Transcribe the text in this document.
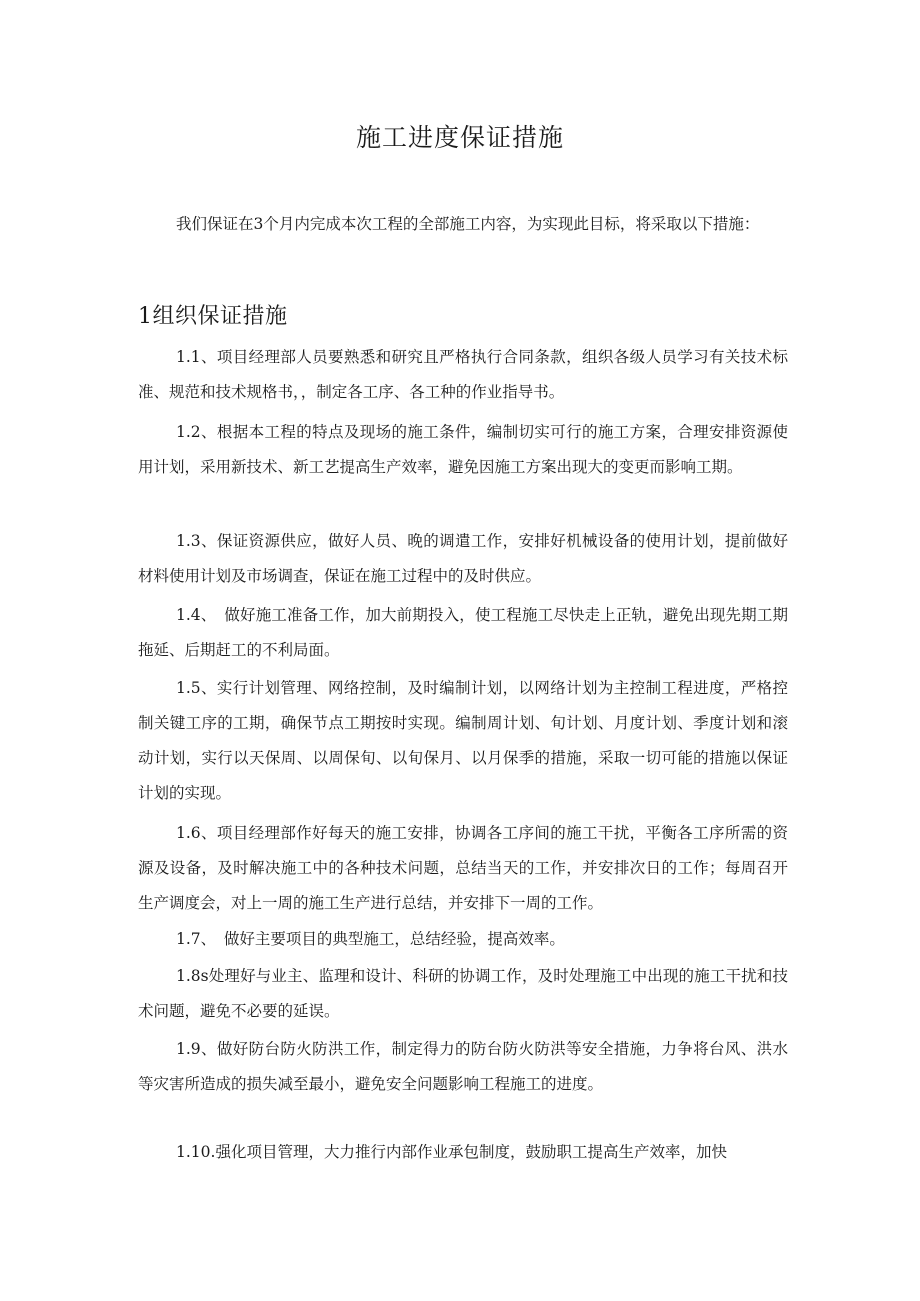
施工进度保证措施

我们保证在3个月内完成本次工程的全部施工内容，为实现此目标，将采取以下措施：

1组织保证措施

1.1、项目经理部人员要熟悉和研究且严格执行合同条款，组织各级人员学习有关技术标准、规范和技术规格书，，制定各工序、各工种的作业指导书。

1.2、根据本工程的特点及现场的施工条件，编制切实可行的施工方案，合理安排资源使用计划，采用新技术、新工艺提高生产效率，避免因施工方案出现大的变更而影响工期。

1.3、保证资源供应，做好人员、晚的调遣工作，安排好机械设备的使用计划，提前做好材料使用计划及市场调查，保证在施工过程中的及时供应。

1.4、　做好施工准备工作，加大前期投入，使工程施工尽快走上正轨，避免出现先期工期拖延、后期赶工的不利局面。

1.5、实行计划管理、网络控制，及时编制计划，以网络计划为主控制工程进度，严格控制关键工序的工期，确保节点工期按时实现。编制周计划、旬计划、月度计划、季度计划和滚动计划，实行以天保周、以周保旬、以旬保月、以月保季的措施，采取一切可能的措施以保证计划的实现。

1.6、项目经理部作好每天的施工安排，协调各工序间的施工干扰，平衡各工序所需的资源及设备，及时解决施工中的各种技术问题，总结当天的工作，并安排次日的工作；每周召开生产调度会，对上一周的施工生产进行总结，并安排下一周的工作。

1.7、　做好主要项目的典型施工，总结经验，提高效率。

1.8s处理好与业主、监理和设计、科研的协调工作，及时处理施工中出现的施工干扰和技术问题，避免不必要的延误。

1.9、做好防台防火防洪工作，制定得力的防台防火防洪等安全措施，力争将台风、洪水等灾害所造成的损失减至最小，避免安全问题影响工程施工的进度。

1.10.强化项目管理，大力推行内部作业承包制度，鼓励职工提高生产效率，加快
